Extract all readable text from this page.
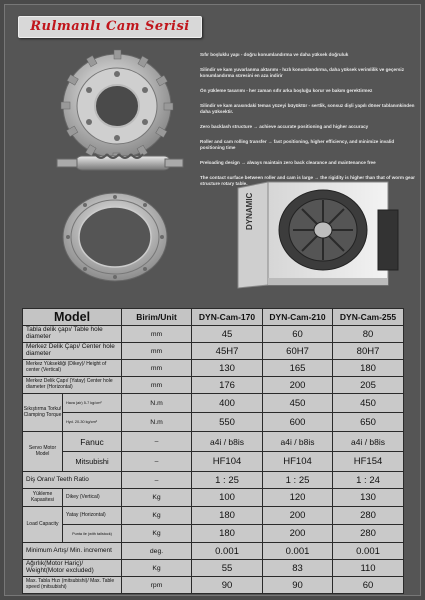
Rulmanlı Cam Serisi

Sıfır boşluklu yapı - doğru konumlandırma ve daha yüksek doğruluk

Silindir ve kam yuvarlanma aktarımı - hızlı konumlandırma, daha yüksek verimlilik ve geçersiz konumlandırma süresini en aza indirir

Ön yükleme tasarımı - her zaman sıfır arka boşluğu korur ve bakım gerektirmez

Silindir ve kam arasındaki temas yüzeyi büyüktür - sertlik, sonsuz dişli yapılı döner tablanınkinden daha yüksektir.

Zero backlash structure → achieve accurate positioning and higher accuracy

Roller and cam rolling transfer → fast positioning, higher efficiency, and minimize invalid positioning time

Preloading design → always maintain zero back clearance and maintenance free

The contact surface between roller and cam is large → the rigidity is higher than that of worm gear structure rotary table.

DYNAMIC
Model		Birim/Unit	DYN-Cam-170	DYN-Cam-210	DYN-Cam-255
Tabla delik çapı/ Table hole diameter		mm	45	60	80
Merkez Delik Çapı/ Center hole diameter		mm	45H7	60H7	80H7
Merkez Yüksekliği (Dikey)/ Height of center (Vertical)		mm	130	165	180
Merkez Delik Çapı/ (Yatay) Center hole diameter (Horizontal)		mm	176	200	205
Sıkıştırma Torku/ Clamping Torque	Hava (air) 5-7 kg/cm²	N.m	400	450	450
	Hyd. 20-30 kg/cm²	N.m	550	600	650
Servo Motor Model	Fanuc	–	a4i / b8is	a4i / b8is	a4i / b8is
	Mitsubishi	–	HF104	HF104	HF154
Diş Oranı/ Teeth Ratio		–	1 : 25	1 : 25	1 : 24
Yükleme Kapasitesi	Dikey (Vertical)	Kg	100	120	130
Load Capacity	Yatay (Horizontal)	Kg	180	200	280
	Punta ile (with tailstock)	Kg	180	200	280
Minimum Artış/ Min. increment		deg.	0.001	0.001	0.001
Ağırlık(Motor Hariç)/ Weight(Motor excluded)		Kg	55	83	110
Max. Tabla Hızı (mitsubishi)/ Max. Table speed (mitsubishi)		rpm	90	90	60
